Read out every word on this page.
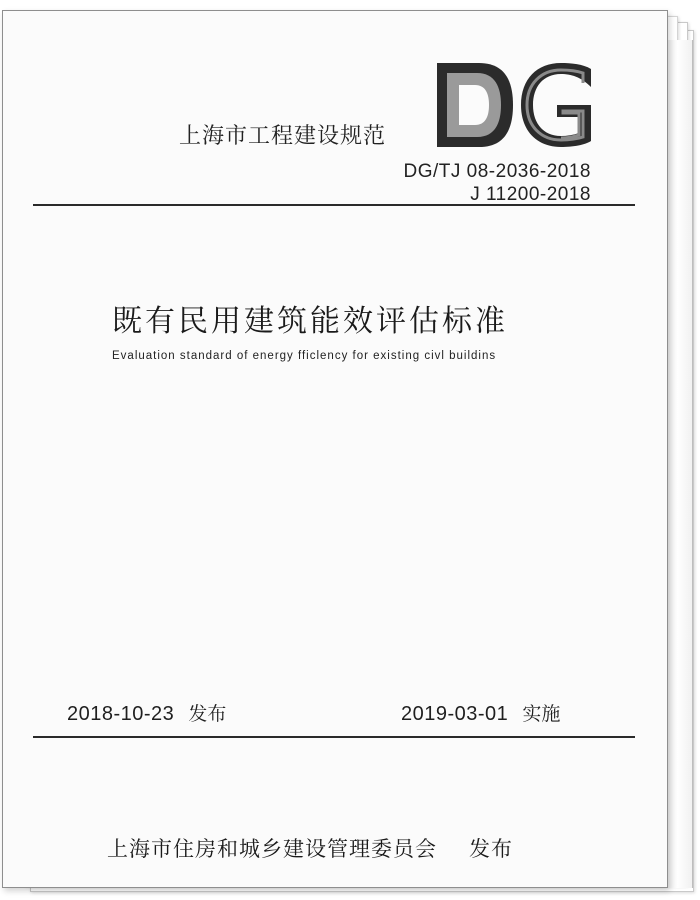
上海市工程建设规范
DG/TJ 08-2036-2018
J 11200-2018
既有民用建筑能效评估标准
Evaluation standard of energy fficlency for existing civl buildins
2018-10-23 发布	2019-03-01 实施
上海市住房和城乡建设管理委员会 发布
